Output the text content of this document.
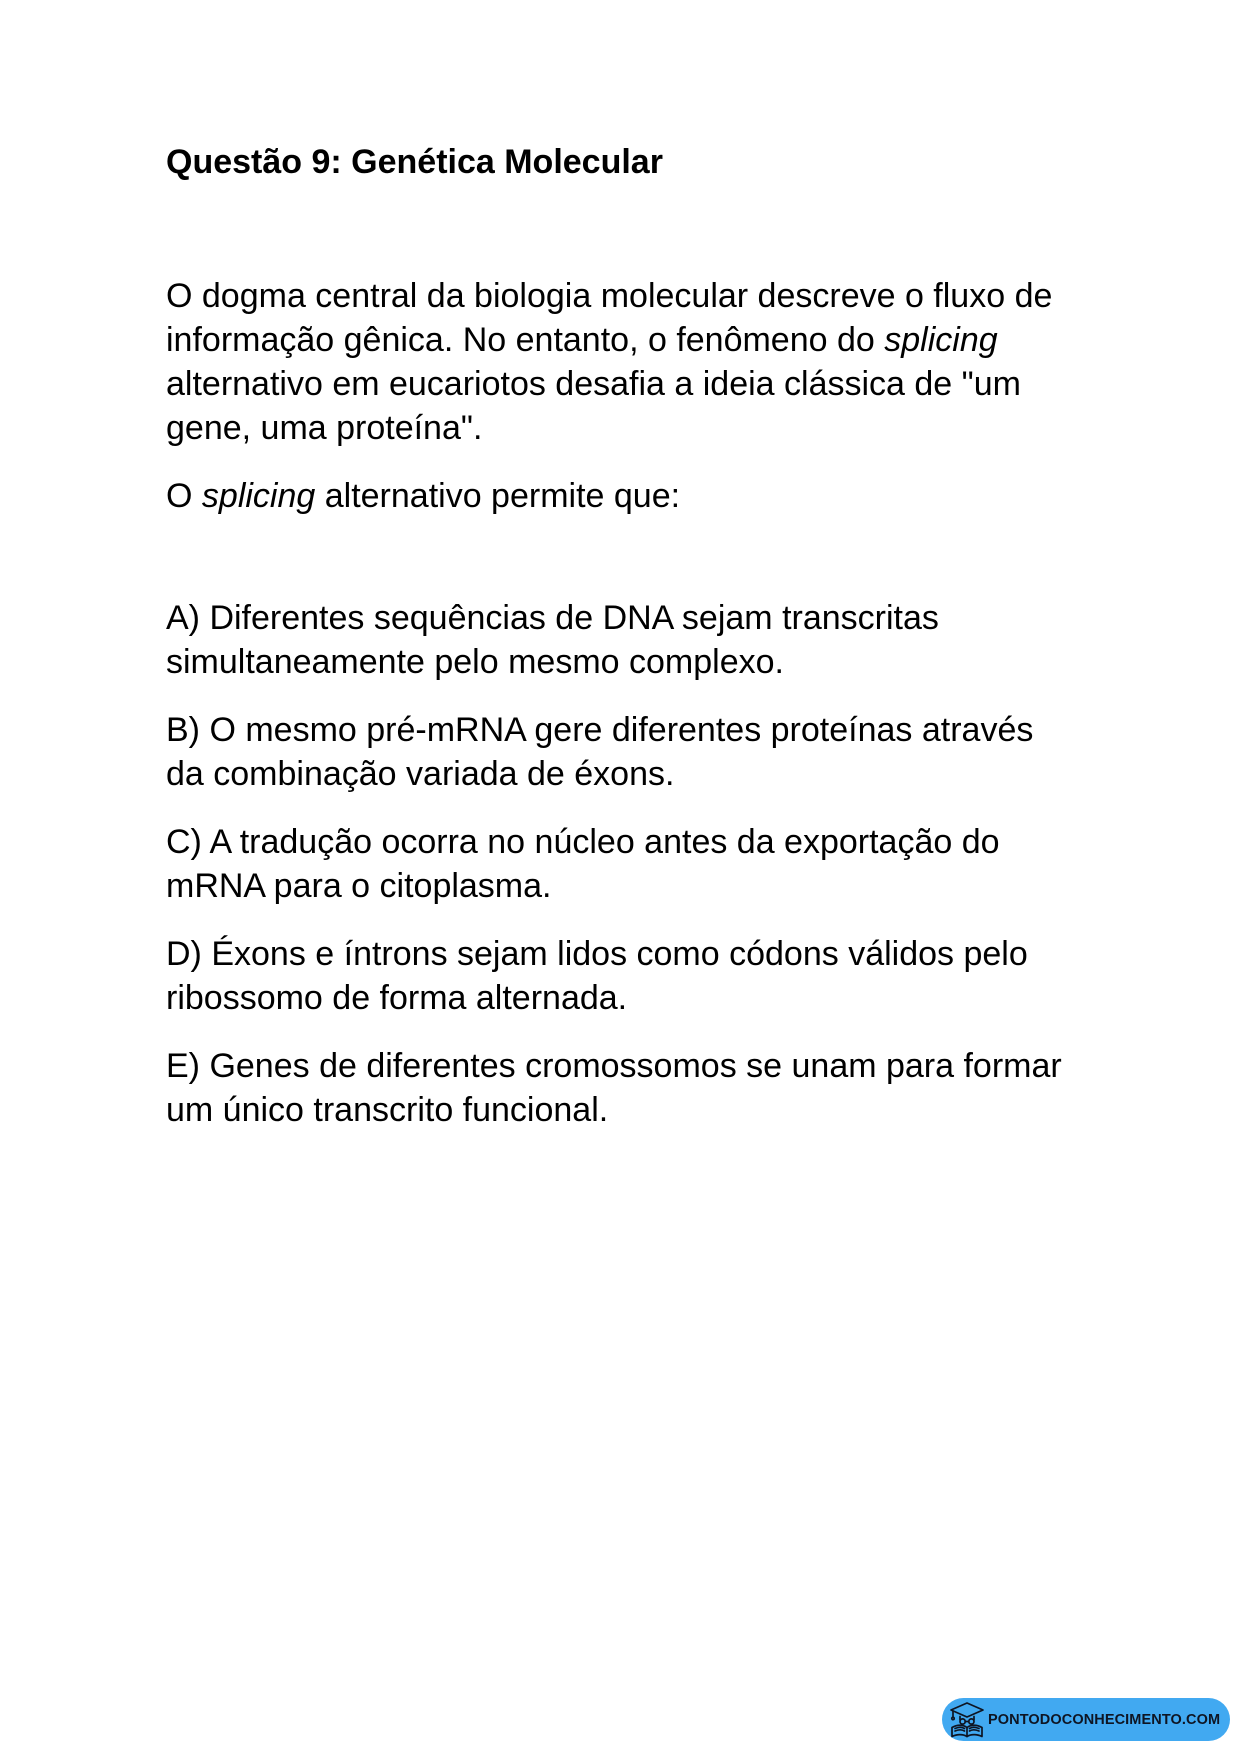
Questão 9: Genética Molecular

O dogma central da biologia molecular descreve o fluxo de informação gênica. No entanto, o fenômeno do splicing alternativo em eucariotos desafia a ideia clássica de "um gene, uma proteína".

O splicing alternativo permite que:

A) Diferentes sequências de DNA sejam transcritas simultaneamente pelo mesmo complexo.

B) O mesmo pré-mRNA gere diferentes proteínas através da combinação variada de éxons.

C) A tradução ocorra no núcleo antes da exportação do mRNA para o citoplasma.

D) Éxons e íntrons sejam lidos como códons válidos pelo ribossomo de forma alternada.

E) Genes de diferentes cromossomos se unam para formar um único transcrito funcional.

PONTODOCONHECIMENTO.COM
